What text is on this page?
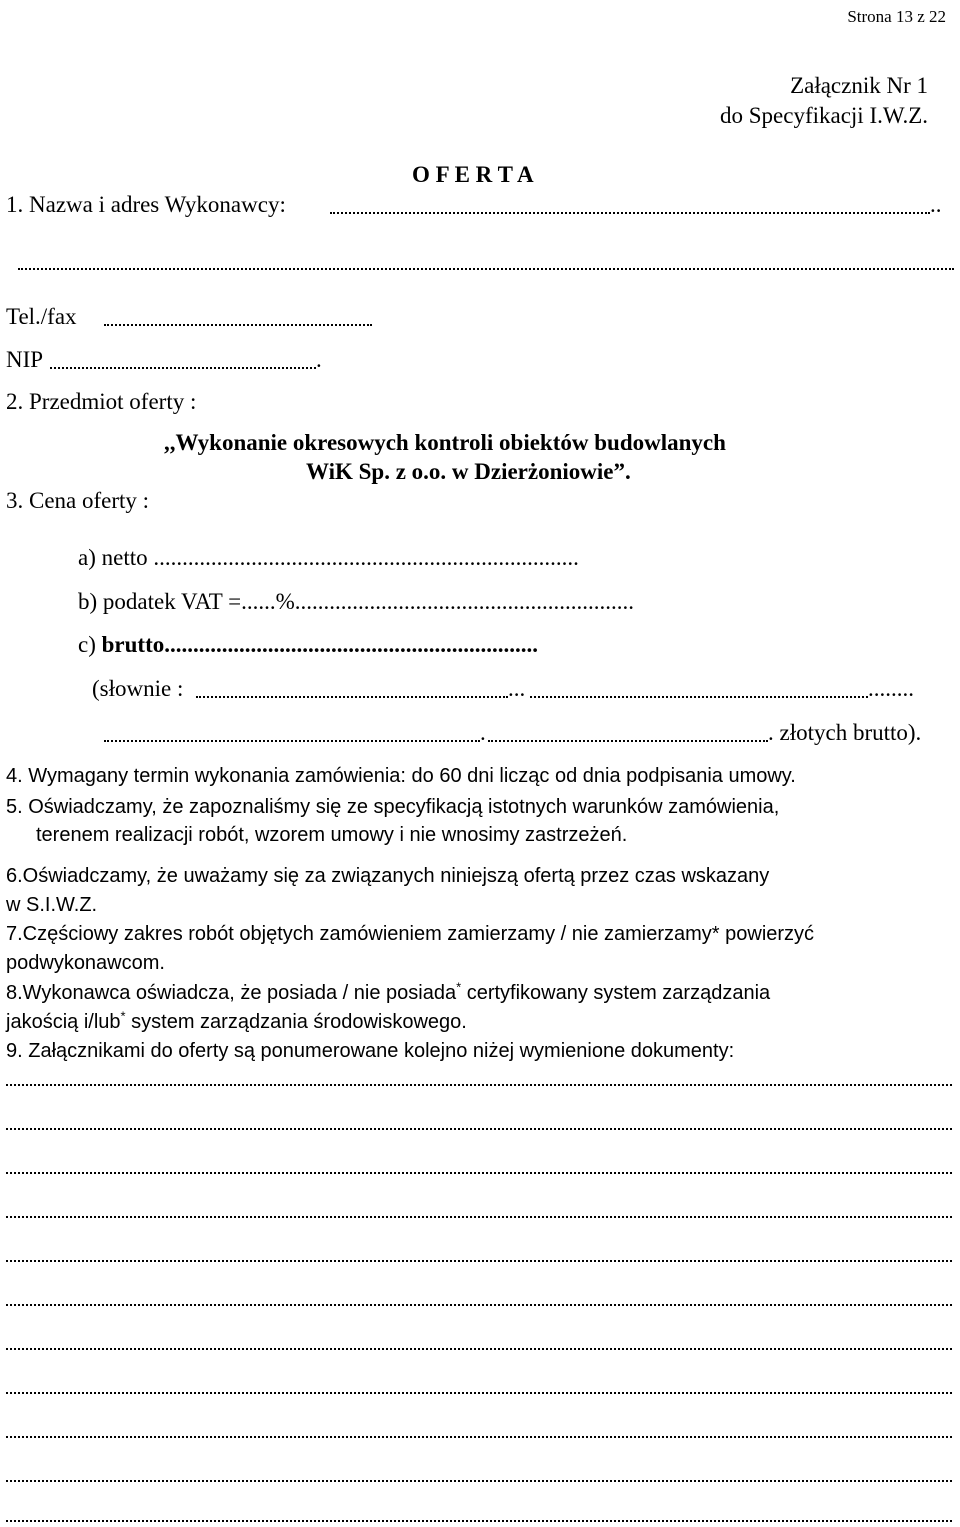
Strona 13 z 22
Załącznik Nr 1
do Specyfikacji I.W.Z.
O F E R T A
1. Nazwa i adres Wykonawcy:	..
Tel./fax
NIP	.
2. Przedmiot oferty :
,,Wykonanie okresowych kontroli obiektów budowlanych
WiK Sp. z o.o. w Dzierżoniowie”.
3. Cena oferty :
a) netto ..........................................................................
b) podatek VAT =......%...........................................................
c) brutto.................................................................
(słownie :	...	........
.	. złotych brutto).
4. Wymagany termin wykonania zamówienia: do 60 dni licząc od dnia podpisania umowy.
5. Oświadczamy, że zapoznaliśmy się ze specyfikacją istotnych warunków zamówienia,
terenem realizacji robót, wzorem umowy i nie wnosimy zastrzeżeń.
6.Oświadczamy, że uważamy się za związanych niniejszą ofertą przez czas wskazany
w S.I.W.Z.
7.Częściowy zakres robót objętych zamówieniem zamierzamy / nie zamierzamy* powierzyć
podwykonawcom.
8.Wykonawca oświadcza, że posiada / nie posiada* certyfikowany system zarządzania
jakością i/lub* system zarządzania środowiskowego.
9. Załącznikami do oferty są ponumerowane kolejno niżej wymienione dokumenty:
